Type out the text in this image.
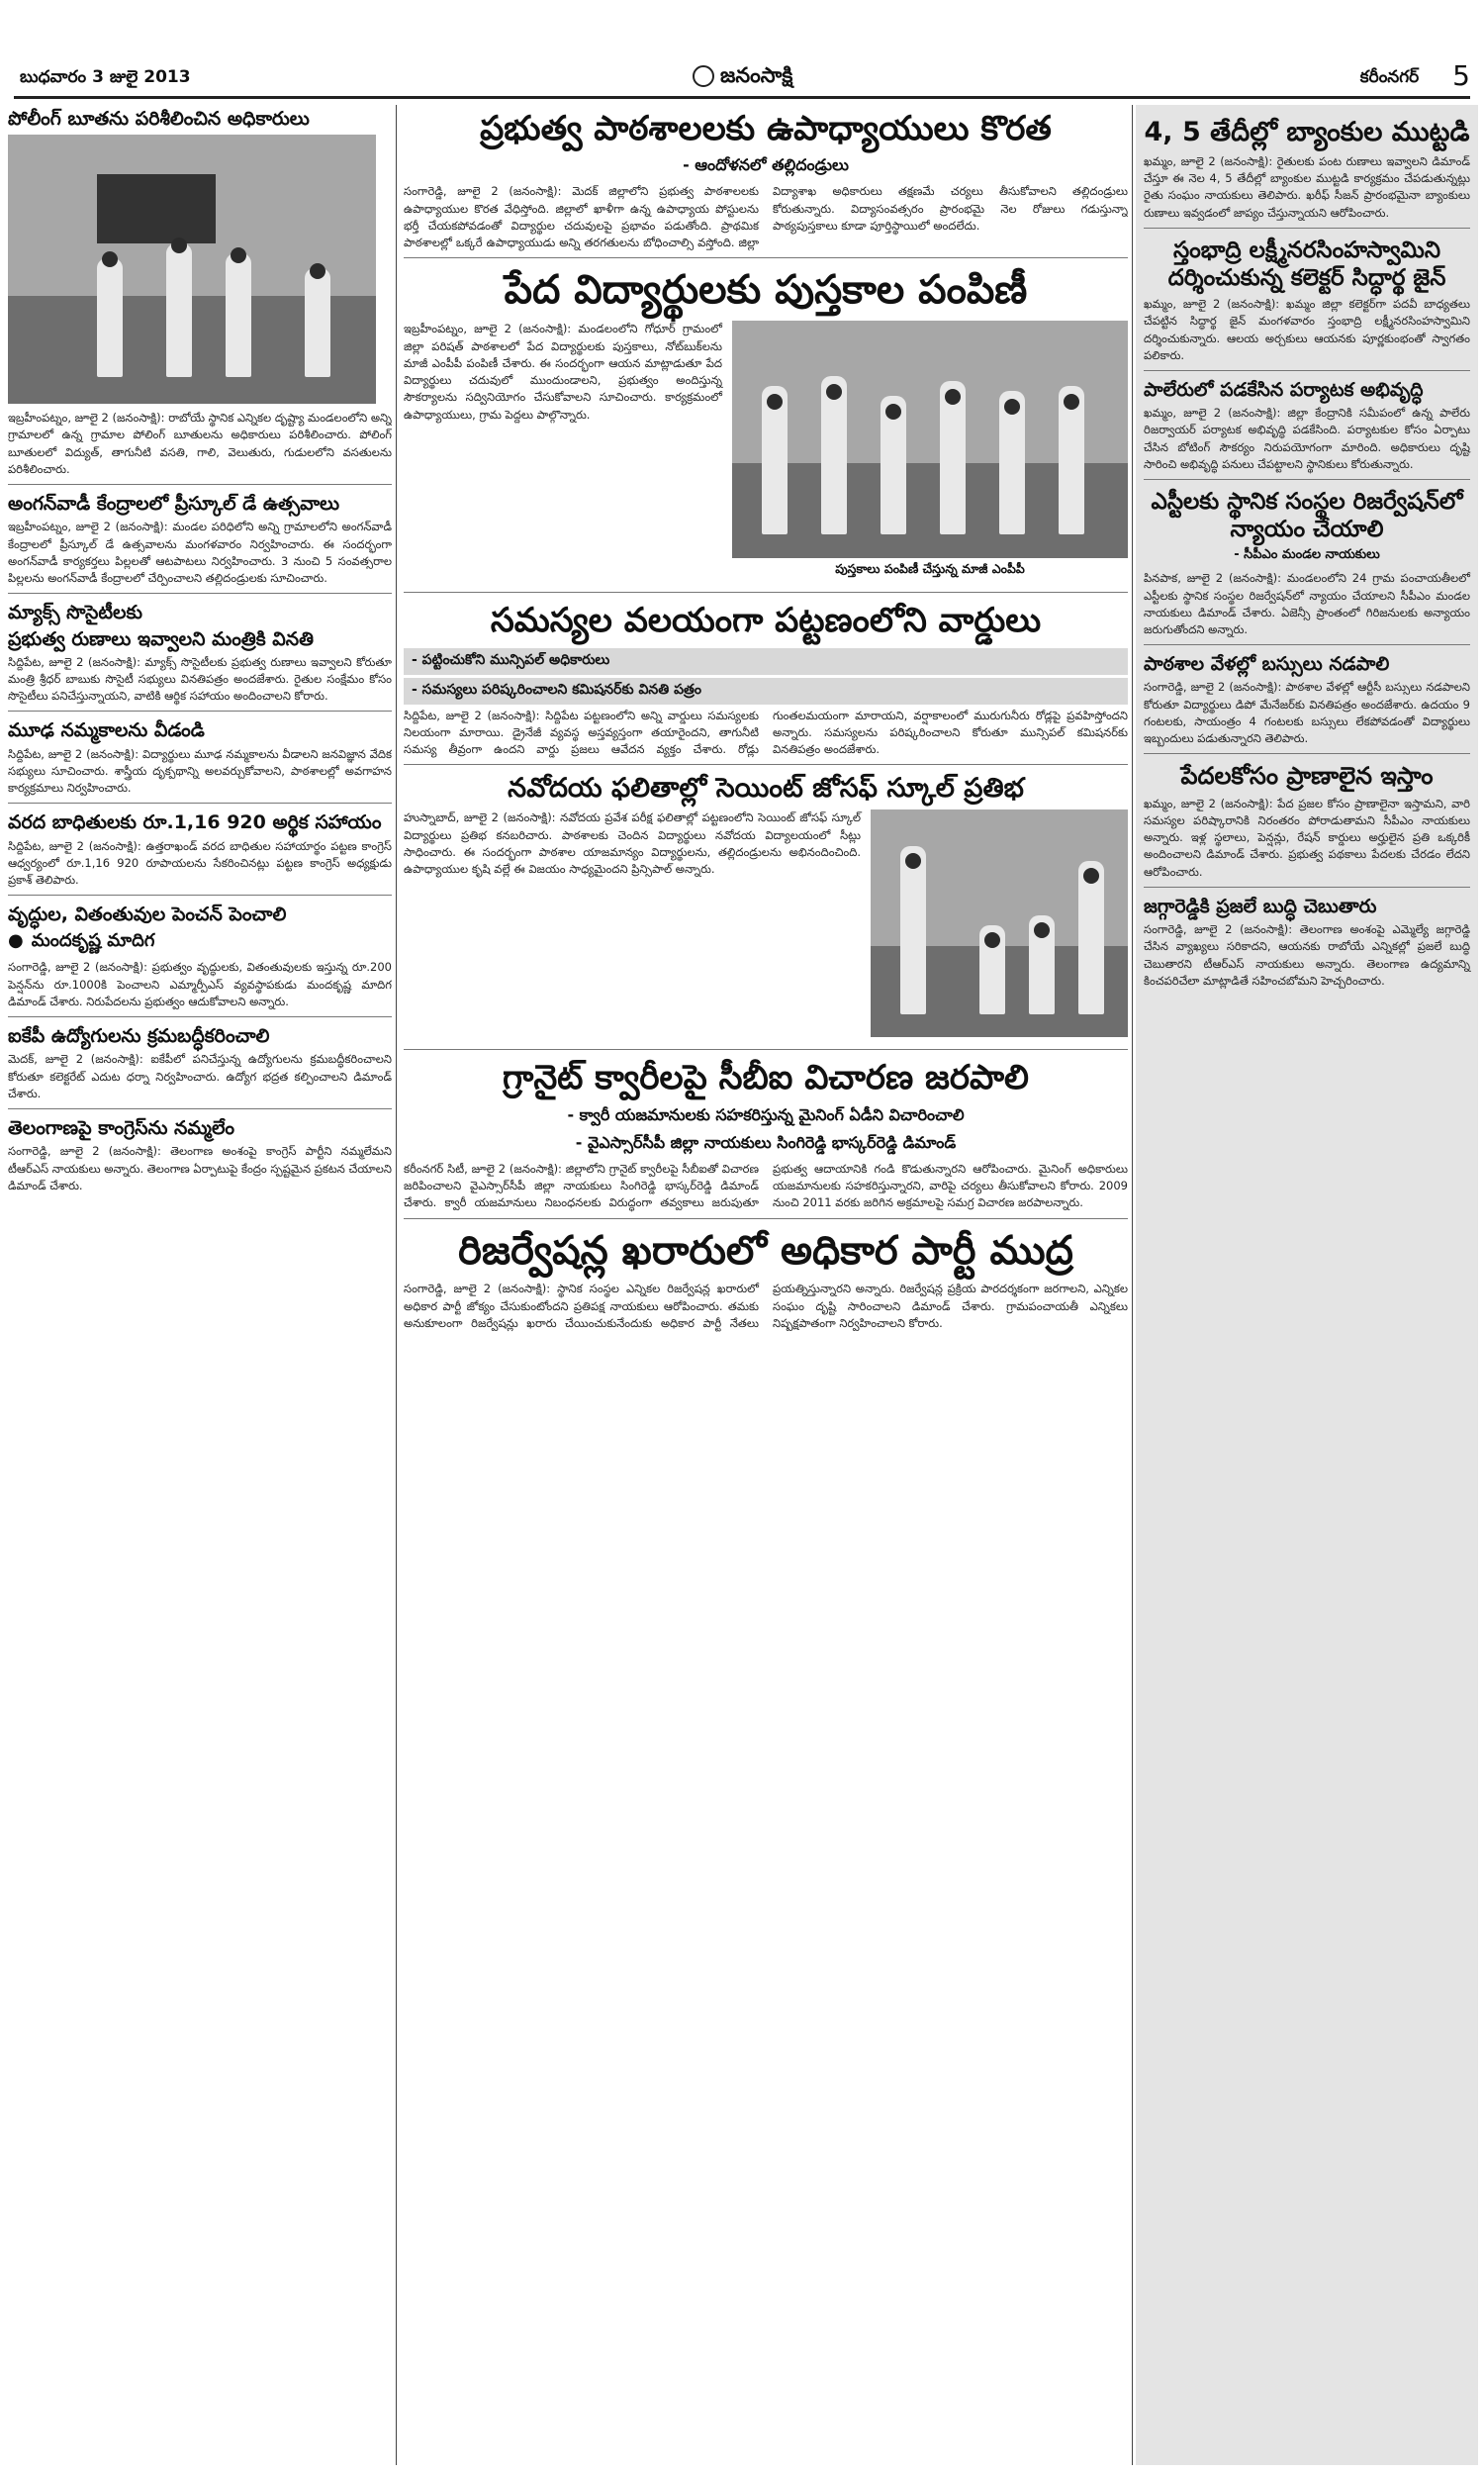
బుధవారం 3 జులై 2013	జనంసాక్షి	కరీంనగర్	5
పోలీంగ్ బూతను పరిశీలించిన అధికారులు
ఇబ్రహీంపట్నం, జూలై 2 (జనంసాక్షి): రాబోయే స్థానిక ఎన్నికల దృష్ట్యా మండలంలోని అన్ని గ్రామాలలో ఉన్న గ్రామాల పోలింగ్ బూతులను అధికారులు పరిశీలించారు. పోలింగ్ బూతులలో విద్యుత్, తాగునీటి వసతి, గాలి, వెలుతురు, గుడులలోని వసతులను పరిశీలించారు.
అంగన్‌వాడీ కేంద్రాలలో ప్రీస్కూల్ డే ఉత్సవాలు
ఇబ్రహీంపట్నం, జూలై 2 (జనంసాక్షి): మండల పరిధిలోని అన్ని గ్రామాలలోని అంగన్‌వాడీ కేంద్రాలలో ప్రీస్కూల్ డే ఉత్సవాలను మంగళవారం నిర్వహించారు. ఈ సందర్భంగా అంగన్‌వాడీ కార్యకర్తలు పిల్లలతో ఆటపాటలు నిర్వహించారు. 3 నుంచి 5 సంవత్సరాల పిల్లలను అంగన్‌వాడీ కేంద్రాలలో చేర్పించాలని తల్లిదండ్రులకు సూచించారు.
మ్యాక్స్ సొసైటీలకు
ప్రభుత్వ రుణాలు ఇవ్వాలని మంత్రికి వినతి
సిద్దిపేట, జూలై 2 (జనంసాక్షి): మ్యాక్స్ సొసైటీలకు ప్రభుత్వ రుణాలు ఇవ్వాలని కోరుతూ మంత్రి శ్రీధర్ బాబుకు సొసైటీ సభ్యులు వినతిపత్రం అందజేశారు. రైతుల సంక్షేమం కోసం సొసైటీలు పనిచేస్తున్నాయని, వాటికి ఆర్థిక సహాయం అందించాలని కోరారు.
మూఢ నమ్మకాలను వీడండి
సిద్దిపేట, జూలై 2 (జనంసాక్షి): విద్యార్థులు మూఢ నమ్మకాలను వీడాలని జనవిజ్ఞాన వేదిక సభ్యులు సూచించారు. శాస్త్రీయ దృక్పథాన్ని అలవర్చుకోవాలని, పాఠశాలల్లో అవగాహన కార్యక్రమాలు నిర్వహించారు.
వరద బాధితులకు రూ.1,16 920 అర్థిక సహాయం
సిద్దిపేట, జూలై 2 (జనంసాక్షి): ఉత్తరాఖండ్ వరద బాధితుల సహాయార్థం పట్టణ కాంగ్రెస్ ఆధ్వర్యంలో రూ.1,16 920 రూపాయలను సేకరించినట్లు పట్టణ కాంగ్రెస్ అధ్యక్షుడు ప్రకాశ్ తెలిపారు.
వృద్ధుల, వితంతువుల పెంచన్ పెంచాలి
● మందకృష్ణ మాదిగ
సంగారెడ్డి, జూలై 2 (జనంసాక్షి): ప్రభుత్వం వృద్ధులకు, వితంతువులకు ఇస్తున్న రూ.200 పెన్షన్‌ను రూ.1000కి పెంచాలని ఎమ్మార్పీఎస్ వ్యవస్థాపకుడు మందకృష్ణ మాదిగ డిమాండ్ చేశారు. నిరుపేదలను ప్రభుత్వం ఆదుకోవాలని అన్నారు.
ఐకేపీ ఉద్యోగులను క్రమబద్ధీకరించాలి
మెదక్, జూలై 2 (జనంసాక్షి): ఐకేపీలో పనిచేస్తున్న ఉద్యోగులను క్రమబద్ధీకరించాలని కోరుతూ కలెక్టరేట్ ఎదుట ధర్నా నిర్వహించారు. ఉద్యోగ భద్రత కల్పించాలని డిమాండ్ చేశారు.
తెలంగాణపై కాంగ్రెస్‌ను నమ్మలేం
సంగారెడ్డి, జూలై 2 (జనంసాక్షి): తెలంగాణ అంశంపై కాంగ్రెస్ పార్టీని నమ్మలేమని టీఆర్ఎస్ నాయకులు అన్నారు. తెలంగాణ ఏర్పాటుపై కేంద్రం స్పష్టమైన ప్రకటన చేయాలని డిమాండ్ చేశారు.
ప్రభుత్వ పాఠశాలలకు ఉపాధ్యాయులు కొరత
- ఆందోళనలో తల్లిదండ్రులు
సంగారెడ్డి, జూలై 2 (జనంసాక్షి): మెదక్ జిల్లాలోని ప్రభుత్వ పాఠశాలలకు ఉపాధ్యాయుల కొరత వేధిస్తోంది. జిల్లాలో ఖాళీగా ఉన్న ఉపాధ్యాయ పోస్టులను భర్తీ చేయకపోవడంతో విద్యార్థుల చదువులపై ప్రభావం పడుతోంది. ప్రాథమిక పాఠశాలల్లో ఒక్కరే ఉపాధ్యాయుడు అన్ని తరగతులను బోధించాల్సి వస్తోంది. జిల్లా విద్యాశాఖ అధికారులు తక్షణమే చర్యలు తీసుకోవాలని తల్లిదండ్రులు కోరుతున్నారు. విద్యాసంవత్సరం ప్రారంభమై నెల రోజులు గడుస్తున్నా పాఠ్యపుస్తకాలు కూడా పూర్తిస్థాయిలో అందలేదు.
పేద విద్యార్థులకు పుస్తకాల పంపిణీ
పుస్తకాలు పంపిణీ చేస్తున్న మాజీ ఎంపీపీ
ఇబ్రహీంపట్నం, జూలై 2 (జనంసాక్షి): మండలంలోని గోధూర్ గ్రామంలో జిల్లా పరిషత్ పాఠశాలలో పేద విద్యార్థులకు పుస్తకాలు, నోట్‌బుక్‌లను మాజీ ఎంపీపీ పంపిణీ చేశారు. ఈ సందర్భంగా ఆయన మాట్లాడుతూ పేద విద్యార్థులు చదువులో ముందుండాలని, ప్రభుత్వం అందిస్తున్న సౌకర్యాలను సద్వినియోగం చేసుకోవాలని సూచించారు. కార్యక్రమంలో ఉపాధ్యాయులు, గ్రామ పెద్దలు పాల్గొన్నారు.
సమస్యల వలయంగా పట్టణంలోని వార్డులు
- పట్టించుకోని మున్సిపల్ అధికారులు
- సమస్యలు పరిష్కరించాలని కమిషనర్‌కు వినతి పత్రం
సిద్దిపేట, జూలై 2 (జనంసాక్షి): సిద్దిపేట పట్టణంలోని అన్ని వార్డులు సమస్యలకు నిలయంగా మారాయి. డ్రైనేజీ వ్యవస్థ అస్తవ్యస్తంగా తయారైందని, తాగునీటి సమస్య తీవ్రంగా ఉందని వార్డు ప్రజలు ఆవేదన వ్యక్తం చేశారు. రోడ్లు గుంతలమయంగా మారాయని, వర్షాకాలంలో మురుగునీరు రోడ్లపై ప్రవహిస్తోందని అన్నారు. సమస్యలను పరిష్కరించాలని కోరుతూ మున్సిపల్ కమిషనర్‌కు వినతిపత్రం అందజేశారు.
నవోదయ ఫలితాల్లో సెయింట్ జోసఫ్ స్కూల్ ప్రతిభ
హుస్నాబాద్, జూలై 2 (జనంసాక్షి): నవోదయ ప్రవేశ పరీక్ష ఫలితాల్లో పట్టణంలోని సెయింట్ జోసఫ్ స్కూల్ విద్యార్థులు ప్రతిభ కనబరిచారు. పాఠశాలకు చెందిన విద్యార్థులు నవోదయ విద్యాలయంలో సీట్లు సాధించారు. ఈ సందర్భంగా పాఠశాల యాజమాన్యం విద్యార్థులను, తల్లిదండ్రులను అభినందించింది. ఉపాధ్యాయుల కృషి వల్లే ఈ విజయం సాధ్యమైందని ప్రిన్సిపాల్ అన్నారు.
గ్రానైట్ క్వారీలపై సీబీఐ విచారణ జరపాలి
- క్వారీ యజమానులకు సహకరిస్తున్న మైనింగ్ ఏడీని విచారించాలి
- వైఎస్సార్‌సీపీ జిల్లా నాయకులు సింగిరెడ్డి భాస్కర్‌రెడ్డి డిమాండ్
కరీంనగర్ సిటీ, జూలై 2 (జనంసాక్షి): జిల్లాలోని గ్రానైట్ క్వారీలపై సీబీఐతో విచారణ జరిపించాలని వైఎస్సార్‌సీపీ జిల్లా నాయకులు సింగిరెడ్డి భాస్కర్‌రెడ్డి డిమాండ్ చేశారు. క్వారీ యజమానులు నిబంధనలకు విరుద్ధంగా తవ్వకాలు జరుపుతూ ప్రభుత్వ ఆదాయానికి గండి కొడుతున్నారని ఆరోపించారు. మైనింగ్ అధికారులు యజమానులకు సహకరిస్తున్నారని, వారిపై చర్యలు తీసుకోవాలని కోరారు. 2009 నుంచి 2011 వరకు జరిగిన అక్రమాలపై సమగ్ర విచారణ జరపాలన్నారు.
రిజర్వేషన్ల ఖరారులో అధికార పార్టీ ముద్ర
సంగారెడ్డి, జూలై 2 (జనంసాక్షి): స్థానిక సంస్థల ఎన్నికల రిజర్వేషన్ల ఖరారులో అధికార పార్టీ జోక్యం చేసుకుంటోందని ప్రతిపక్ష నాయకులు ఆరోపించారు. తమకు అనుకూలంగా రిజర్వేషన్లు ఖరారు చేయించుకునేందుకు అధికార పార్టీ నేతలు ప్రయత్నిస్తున్నారని అన్నారు. రిజర్వేషన్ల ప్రక్రియ పారదర్శకంగా జరగాలని, ఎన్నికల సంఘం దృష్టి సారించాలని డిమాండ్ చేశారు. గ్రామపంచాయతీ ఎన్నికలు నిష్పక్షపాతంగా నిర్వహించాలని కోరారు.
4, 5 తేదీల్లో బ్యాంకుల ముట్టడి
ఖమ్మం, జూలై 2 (జనంసాక్షి): రైతులకు పంట రుణాలు ఇవ్వాలని డిమాండ్ చేస్తూ ఈ నెల 4, 5 తేదీల్లో బ్యాంకుల ముట్టడి కార్యక్రమం చేపడుతున్నట్లు రైతు సంఘం నాయకులు తెలిపారు. ఖరీఫ్ సీజన్ ప్రారంభమైనా బ్యాంకులు రుణాలు ఇవ్వడంలో జాప్యం చేస్తున్నాయని ఆరోపించారు.
స్తంభాద్రి లక్ష్మీనరసింహస్వామిని దర్శించుకున్న కలెక్టర్ సిద్ధార్థ జైన్
ఖమ్మం, జూలై 2 (జనంసాక్షి): ఖమ్మం జిల్లా కలెక్టర్‌గా పదవీ బాధ్యతలు చేపట్టిన సిద్ధార్థ జైన్ మంగళవారం స్తంభాద్రి లక్ష్మీనరసింహస్వామిని దర్శించుకున్నారు. ఆలయ అర్చకులు ఆయనకు పూర్ణకుంభంతో స్వాగతం పలికారు.
పాలేరులో పడకేసిన పర్యాటక అభివృద్ధి
ఖమ్మం, జూలై 2 (జనంసాక్షి): జిల్లా కేంద్రానికి సమీపంలో ఉన్న పాలేరు రిజర్వాయర్ పర్యాటక అభివృద్ధి పడకేసింది. పర్యాటకుల కోసం ఏర్పాటు చేసిన బోటింగ్ సౌకర్యం నిరుపయోగంగా మారింది. అధికారులు దృష్టి సారించి అభివృద్ధి పనులు చేపట్టాలని స్థానికులు కోరుతున్నారు.
ఎస్టీలకు స్థానిక సంస్థల రిజర్వేషన్‌లో న్యాయం చేయాలి
- సీపీఎం మండల నాయకులు
పినపాక, జూలై 2 (జనంసాక్షి): మండలంలోని 24 గ్రామ పంచాయతీలలో ఎస్టీలకు స్థానిక సంస్థల రిజర్వేషన్‌లో న్యాయం చేయాలని సీపీఎం మండల నాయకులు డిమాండ్ చేశారు. ఏజెన్సీ ప్రాంతంలో గిరిజనులకు అన్యాయం జరుగుతోందని అన్నారు.
పాఠశాల వేళల్లో బస్సులు నడపాలి
సంగారెడ్డి, జూలై 2 (జనంసాక్షి): పాఠశాల వేళల్లో ఆర్టీసీ బస్సులు నడపాలని కోరుతూ విద్యార్థులు డిపో మేనేజర్‌కు వినతిపత్రం అందజేశారు. ఉదయం 9 గంటలకు, సాయంత్రం 4 గంటలకు బస్సులు లేకపోవడంతో విద్యార్థులు ఇబ్బందులు పడుతున్నారని తెలిపారు.
పేదలకోసం ప్రాణాలైన ఇస్తాం
ఖమ్మం, జూలై 2 (జనంసాక్షి): పేద ప్రజల కోసం ప్రాణాలైనా ఇస్తామని, వారి సమస్యల పరిష్కారానికి నిరంతరం పోరాడుతామని సీపీఎం నాయకులు అన్నారు. ఇళ్ల స్థలాలు, పెన్షన్లు, రేషన్ కార్డులు అర్హులైన ప్రతి ఒక్కరికీ అందించాలని డిమాండ్ చేశారు. ప్రభుత్వ పథకాలు పేదలకు చేరడం లేదని ఆరోపించారు.
జగ్గారెడ్డికి ప్రజలే బుద్ధి చెబుతారు
సంగారెడ్డి, జూలై 2 (జనంసాక్షి): తెలంగాణ అంశంపై ఎమ్మెల్యే జగ్గారెడ్డి చేసిన వ్యాఖ్యలు సరికాదని, ఆయనకు రాబోయే ఎన్నికల్లో ప్రజలే బుద్ధి చెబుతారని టీఆర్ఎస్ నాయకులు అన్నారు. తెలంగాణ ఉద్యమాన్ని కించపరిచేలా మాట్లాడితే సహించబోమని హెచ్చరించారు.
